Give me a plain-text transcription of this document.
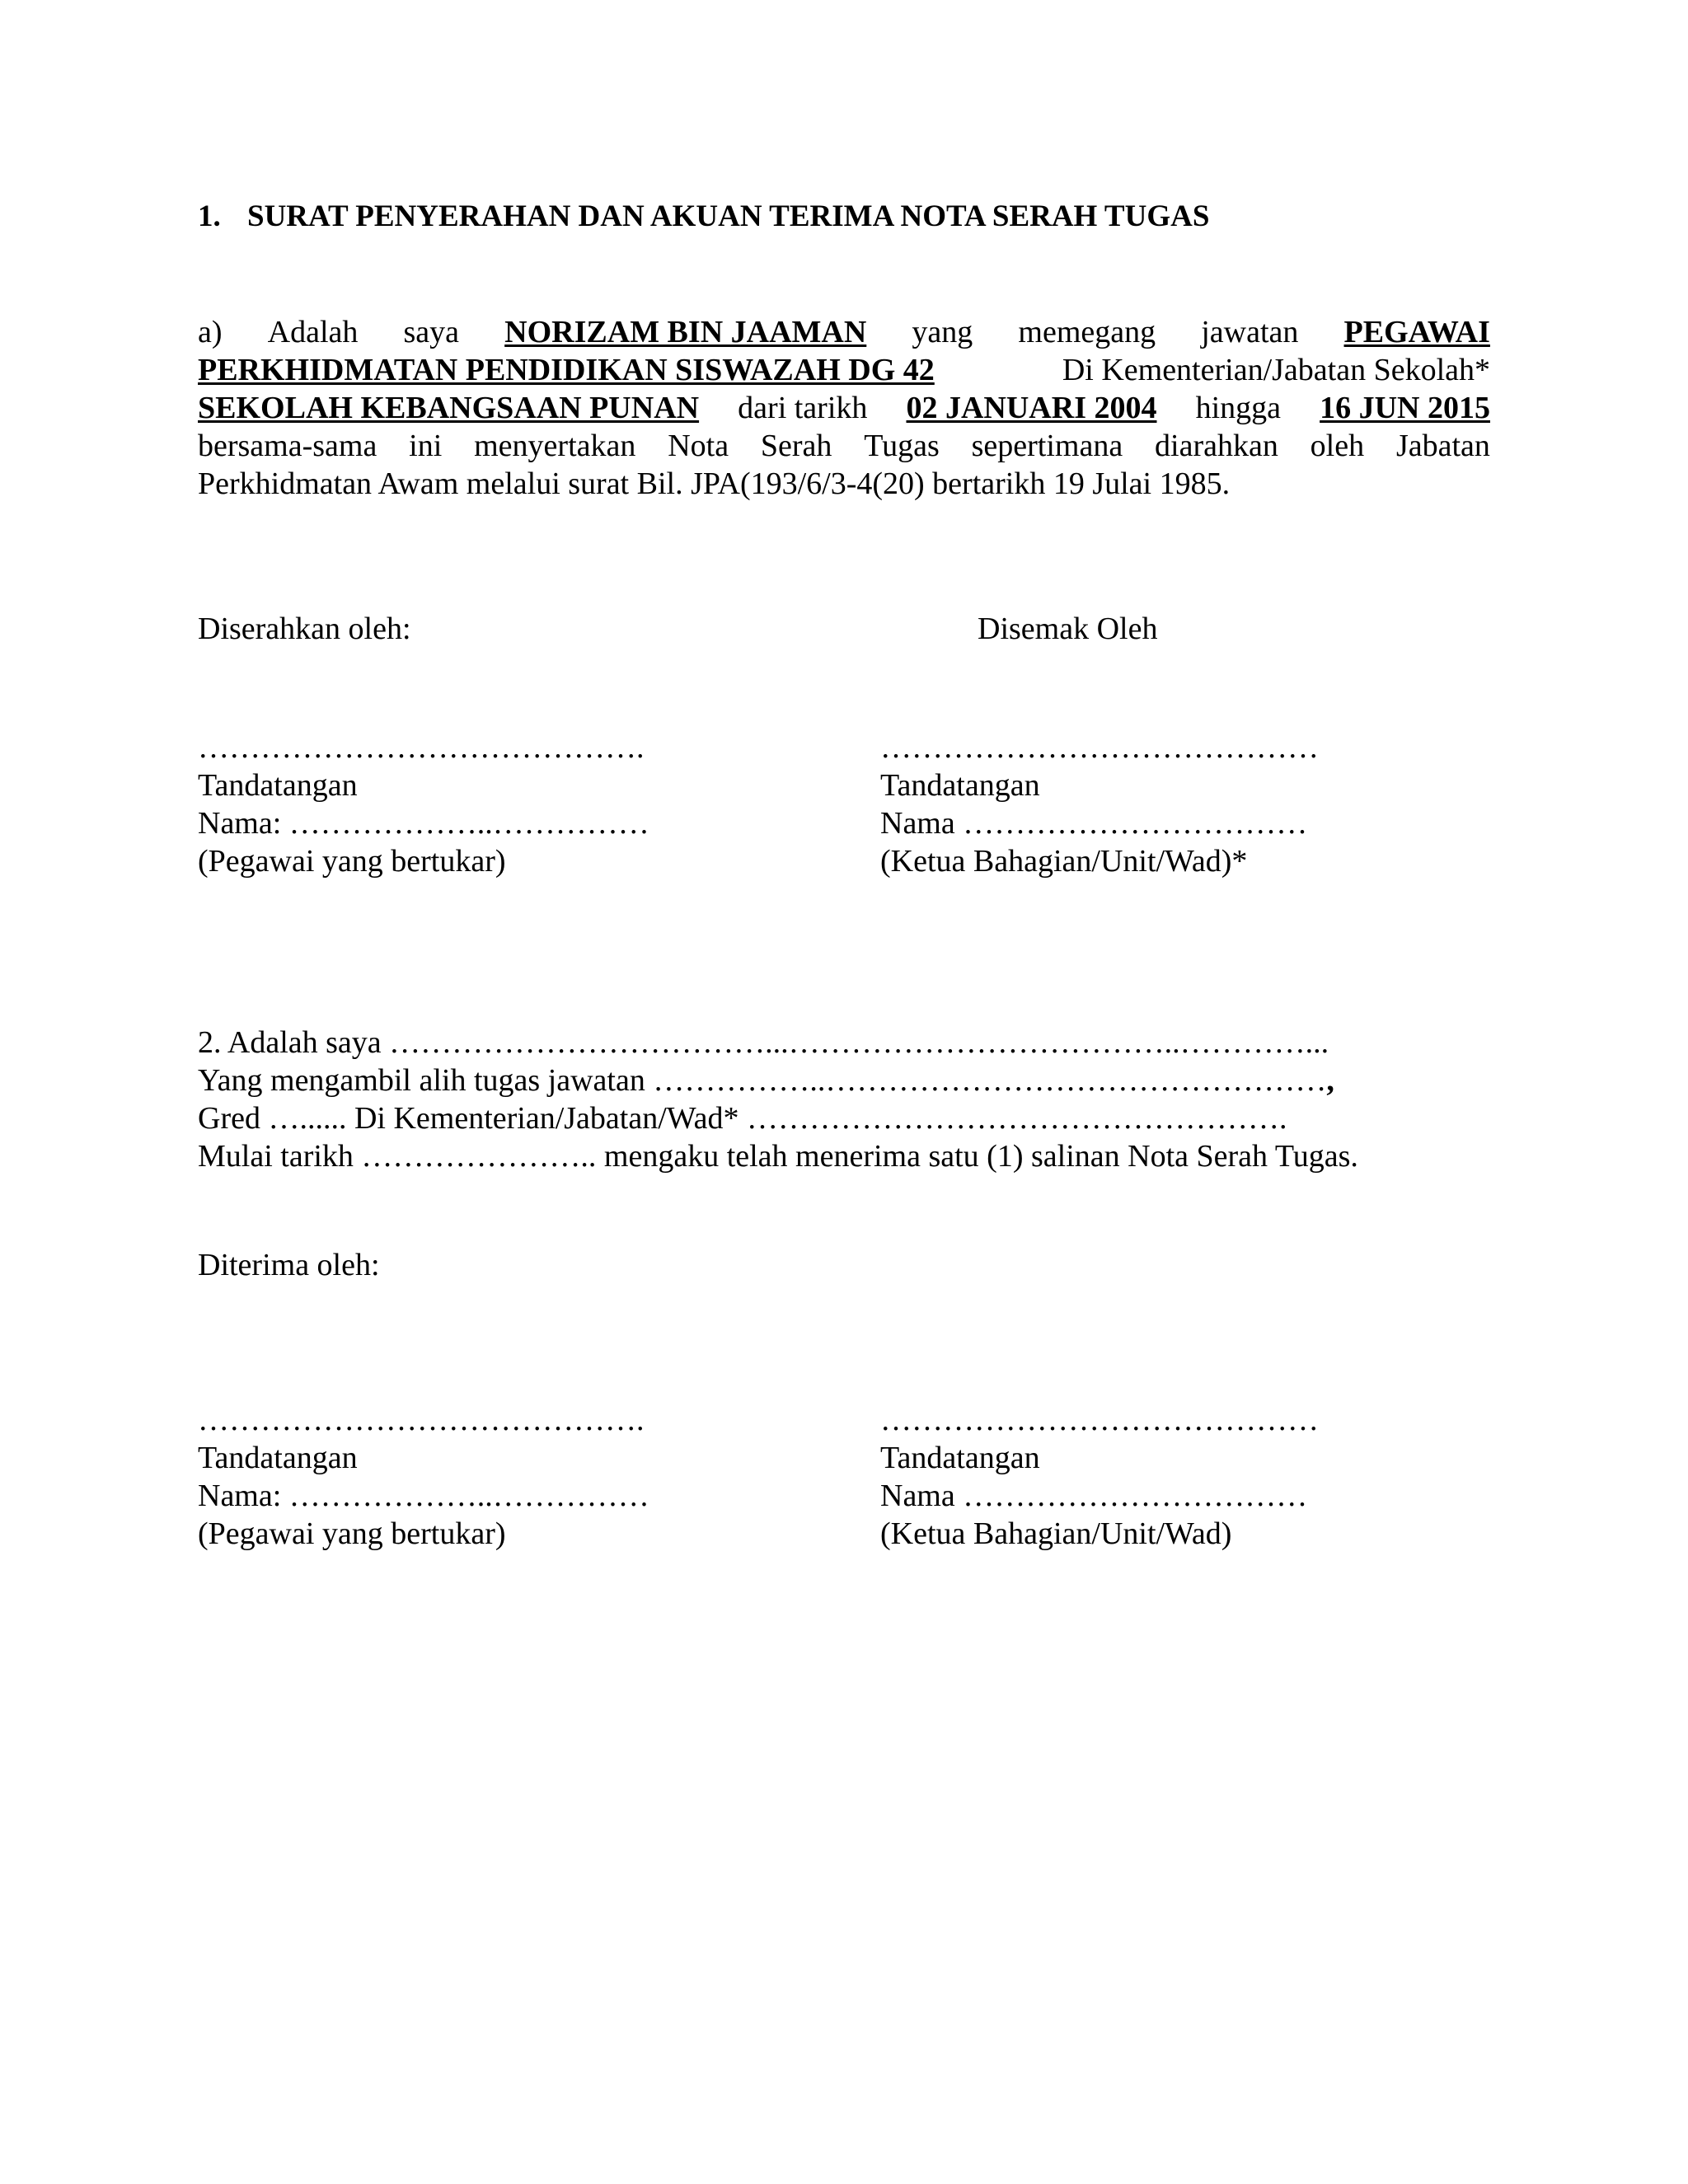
1. SURAT PENYERAHAN DAN AKUAN TERIMA NOTA SERAH TUGAS
a) Adalah saya NORIZAM BIN JAAMAN yang memegang jawatan PEGAWAI
PERKHIDMATAN PENDIDIKAN SISWAZAH DG 42	Di Kementerian/Jabatan Sekolah*
SEKOLAH KEBANGSAAN PUNAN dari tarikh 02 JANUARI 2004 hingga 16 JUN 2015
bersama-sama ini menyertakan Nota Serah Tugas sepertimana diarahkan oleh Jabatan
Perkhidmatan Awam melalui surat Bil. JPA(193/6/3-4(20) bertarikh 19 Julai 1985.
Diserahkan oleh:	Disemak Oleh
…………………………………….
Tandatangan
Nama: ………………..……………
(Pegawai yang bertukar)
……………………………………
Tandatangan
Nama ……………………………
(Ketua Bahagian/Unit/Wad)*
2. Adalah saya ………………………………...………………………………..…………...
Yang mengambil alih tugas jawatan ……………..…………………………………………,
Gred …...... Di Kementerian/Jabatan/Wad* …………………………………………….
Mulai tarikh ………………….. mengaku telah menerima satu (1) salinan Nota Serah Tugas.
Diterima oleh:
…………………………………….
Tandatangan
Nama: ………………..……………
(Pegawai yang bertukar)
……………………………………
Tandatangan
Nama ……………………………
(Ketua Bahagian/Unit/Wad)
